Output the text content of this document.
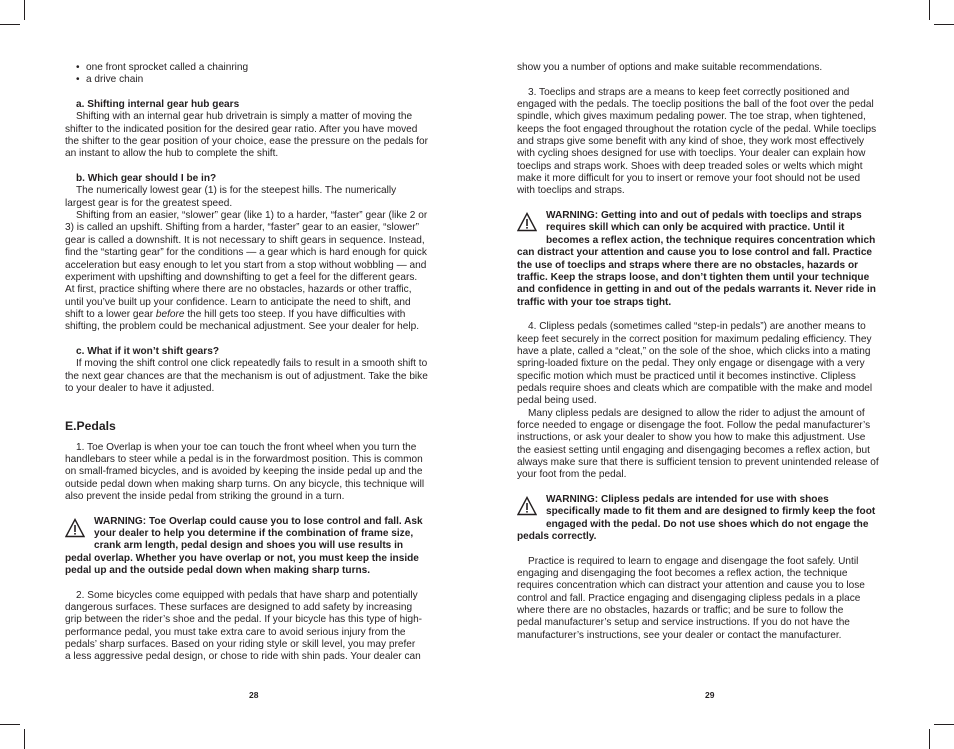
• one front sprocket called a chainring

• a drive chain

a. Shifting internal gear hub gears

Shifting with an internal gear hub drivetrain is simply a matter of moving the

shifter to the indicated position for the desired gear ratio. After you have moved

the shifter to the gear position of your choice, ease the pressure on the pedals for

an instant to allow the hub to complete the shift.

b. Which gear should I be in?

The numerically lowest gear (1) is for the steepest hills. The numerically

largest gear is for the greatest speed.

Shifting from an easier, “slower” gear (like 1) to a harder, “faster” gear (like 2 or

3) is called an upshift. Shifting from a harder, “faster” gear to an easier, “slower”

gear is called a downshift. It is not necessary to shift gears in sequence. Instead,

find the “starting gear” for the conditions — a gear which is hard enough for quick

acceleration but easy enough to let you start from a stop without wobbling — and

experiment with upshifting and downshifting to get a feel for the different gears.

At first, practice shifting where there are no obstacles, hazards or other traffic,

until you’ve built up your confidence. Learn to anticipate the need to shift, and

shift to a lower gear before the hill gets too steep. If you have difficulties with

shifting, the problem could be mechanical adjustment. See your dealer for help.

c. What if it won’t shift gears?

If moving the shift control one click repeatedly fails to result in a smooth shift to

the next gear chances are that the mechanism is out of adjustment. Take the bike

to your dealer to have it adjusted.

E.Pedals

1. Toe Overlap is when your toe can touch the front wheel when you turn the

handlebars to steer while a pedal is in the forwardmost position. This is common

on small-framed bicycles, and is avoided by keeping the inside pedal up and the

outside pedal down when making sharp turns. On any bicycle, this technique will

also prevent the inside pedal from striking the ground in a turn.

WARNING: Toe Overlap could cause you to lose control and fall. Ask

your dealer to help you determine if the combination of frame size,

crank arm length, pedal design and shoes you will use results in

pedal overlap. Whether you have overlap or not, you must keep the inside

pedal up and the outside pedal down when making sharp turns.

2. Some bicycles come equipped with pedals that have sharp and potentially

dangerous surfaces. These surfaces are designed to add safety by increasing

grip between the rider’s shoe and the pedal. If your bicycle has this type of high-

performance pedal, you must take extra care to avoid serious injury from the

pedals’ sharp surfaces. Based on your riding style or skill level, you may prefer

a less aggressive pedal design, or chose to ride with shin pads. Your dealer can

28

show you a number of options and make suitable recommendations.

3. Toeclips and straps are a means to keep feet correctly positioned and

engaged with the pedals. The toeclip positions the ball of the foot over the pedal

spindle, which gives maximum pedaling power. The toe strap, when tightened,

keeps the foot engaged throughout the rotation cycle of the pedal. While toeclips

and straps give some benefit with any kind of shoe, they work most effectively

with cycling shoes designed for use with toeclips. Your dealer can explain how

toeclips and straps work. Shoes with deep treaded soles or welts which might

make it more difficult for you to insert or remove your foot should not be used

with toeclips and straps.

WARNING: Getting into and out of pedals with toeclips and straps

requires skill which can only be acquired with practice. Until it

becomes a reflex action, the technique requires concentration which

can distract your attention and cause you to lose control and fall. Practice

the use of toeclips and straps where there are no obstacles, hazards or

traffic. Keep the straps loose, and don’t tighten them until your technique

and confidence in getting in and out of the pedals warrants it. Never ride in

traffic with your toe straps tight.

4. Clipless pedals (sometimes called “step-in pedals”) are another means to

keep feet securely in the correct position for maximum pedaling efficiency. They

have a plate, called a “cleat,” on the sole of the shoe, which clicks into a mating

spring-loaded fixture on the pedal. They only engage or disengage with a very

specific motion which must be practiced until it becomes instinctive. Clipless

pedals require shoes and cleats which are compatible with the make and model

pedal being used.

Many clipless pedals are designed to allow the rider to adjust the amount of

force needed to engage or disengage the foot. Follow the pedal manufacturer’s

instructions, or ask your dealer to show you how to make this adjustment. Use

the easiest setting until engaging and disengaging becomes a reflex action, but

always make sure that there is sufficient tension to prevent unintended release of

your foot from the pedal.

WARNING: Clipless pedals are intended for use with shoes

specifically made to fit them and are designed to firmly keep the foot

engaged with the pedal. Do not use shoes which do not engage the

pedals correctly.

Practice is required to learn to engage and disengage the foot safely. Until

engaging and disengaging the foot becomes a reflex action, the technique

requires concentration which can distract your attention and cause you to lose

control and fall. Practice engaging and disengaging clipless pedals in a place

where there are no obstacles, hazards or traffic; and be sure to follow the

pedal manufacturer’s setup and service instructions. If you do not have the

manufacturer’s instructions, see your dealer or contact the manufacturer.

29
